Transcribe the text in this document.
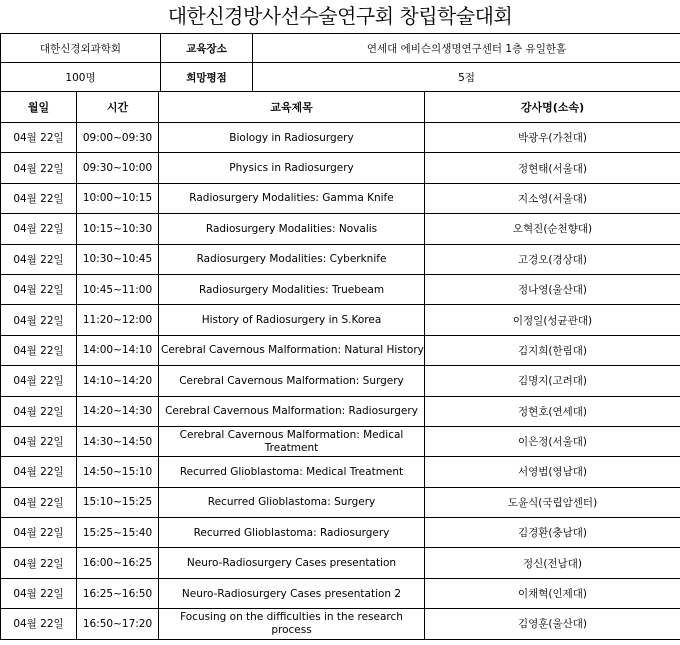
대한신경방사선수술연구회 창립학술대회
대한신경외과학회	교육장소	연세대 에비슨의생명연구센터 1층 유일한홀
100명	희망평점	5점
월일	시간	교육제목	강사명(소속)
04월 22일	09:00~09:30	Biology in Radiosurgery	박광우(가천대)
04월 22일	09:30~10:00	Physics in Radiosurgery	정현태(서울대)
04월 22일	10:00~10:15	Radiosurgery Modalities: Gamma Knife	지소영(서울대)
04월 22일	10:15~10:30	Radiosurgery Modalities: Novalis	오혁진(순천향대)
04월 22일	10:30~10:45	Radiosurgery Modalities: Cyberknife	고경오(경상대)
04월 22일	10:45~11:00	Radiosurgery Modalities: Truebeam	정나영(울산대)
04월 22일	11:20~12:00	History of Radiosurgery in S.Korea	이정일(성균관대)
04월 22일	14:00~14:10	Cerebral Cavernous Malformation: Natural History	김지희(한림대)
04월 22일	14:10~14:20	Cerebral Cavernous Malformation: Surgery	김명지(고려대)
04월 22일	14:20~14:30	Cerebral Cavernous Malformation: Radiosurgery	정현호(연세대)
04월 22일	14:30~14:50	Cerebral Cavernous Malformation: Medical Treatment	이은정(서울대)
04월 22일	14:50~15:10	Recurred Glioblastoma: Medical Treatment	서영범(영남대)
04월 22일	15:10~15:25	Recurred Glioblastoma: Surgery	도윤식(국립암센터)
04월 22일	15:25~15:40	Recurred Glioblastoma: Radiosurgery	김경환(충남대)
04월 22일	16:00~16:25	Neuro-Radiosurgery Cases presentation	정신(전남대)
04월 22일	16:25~16:50	Neuro-Radiosurgery Cases presentation 2	이채혁(인제대)
04월 22일	16:50~17:20	Focusing on the difficulties in the research process	김영훈(울산대)
